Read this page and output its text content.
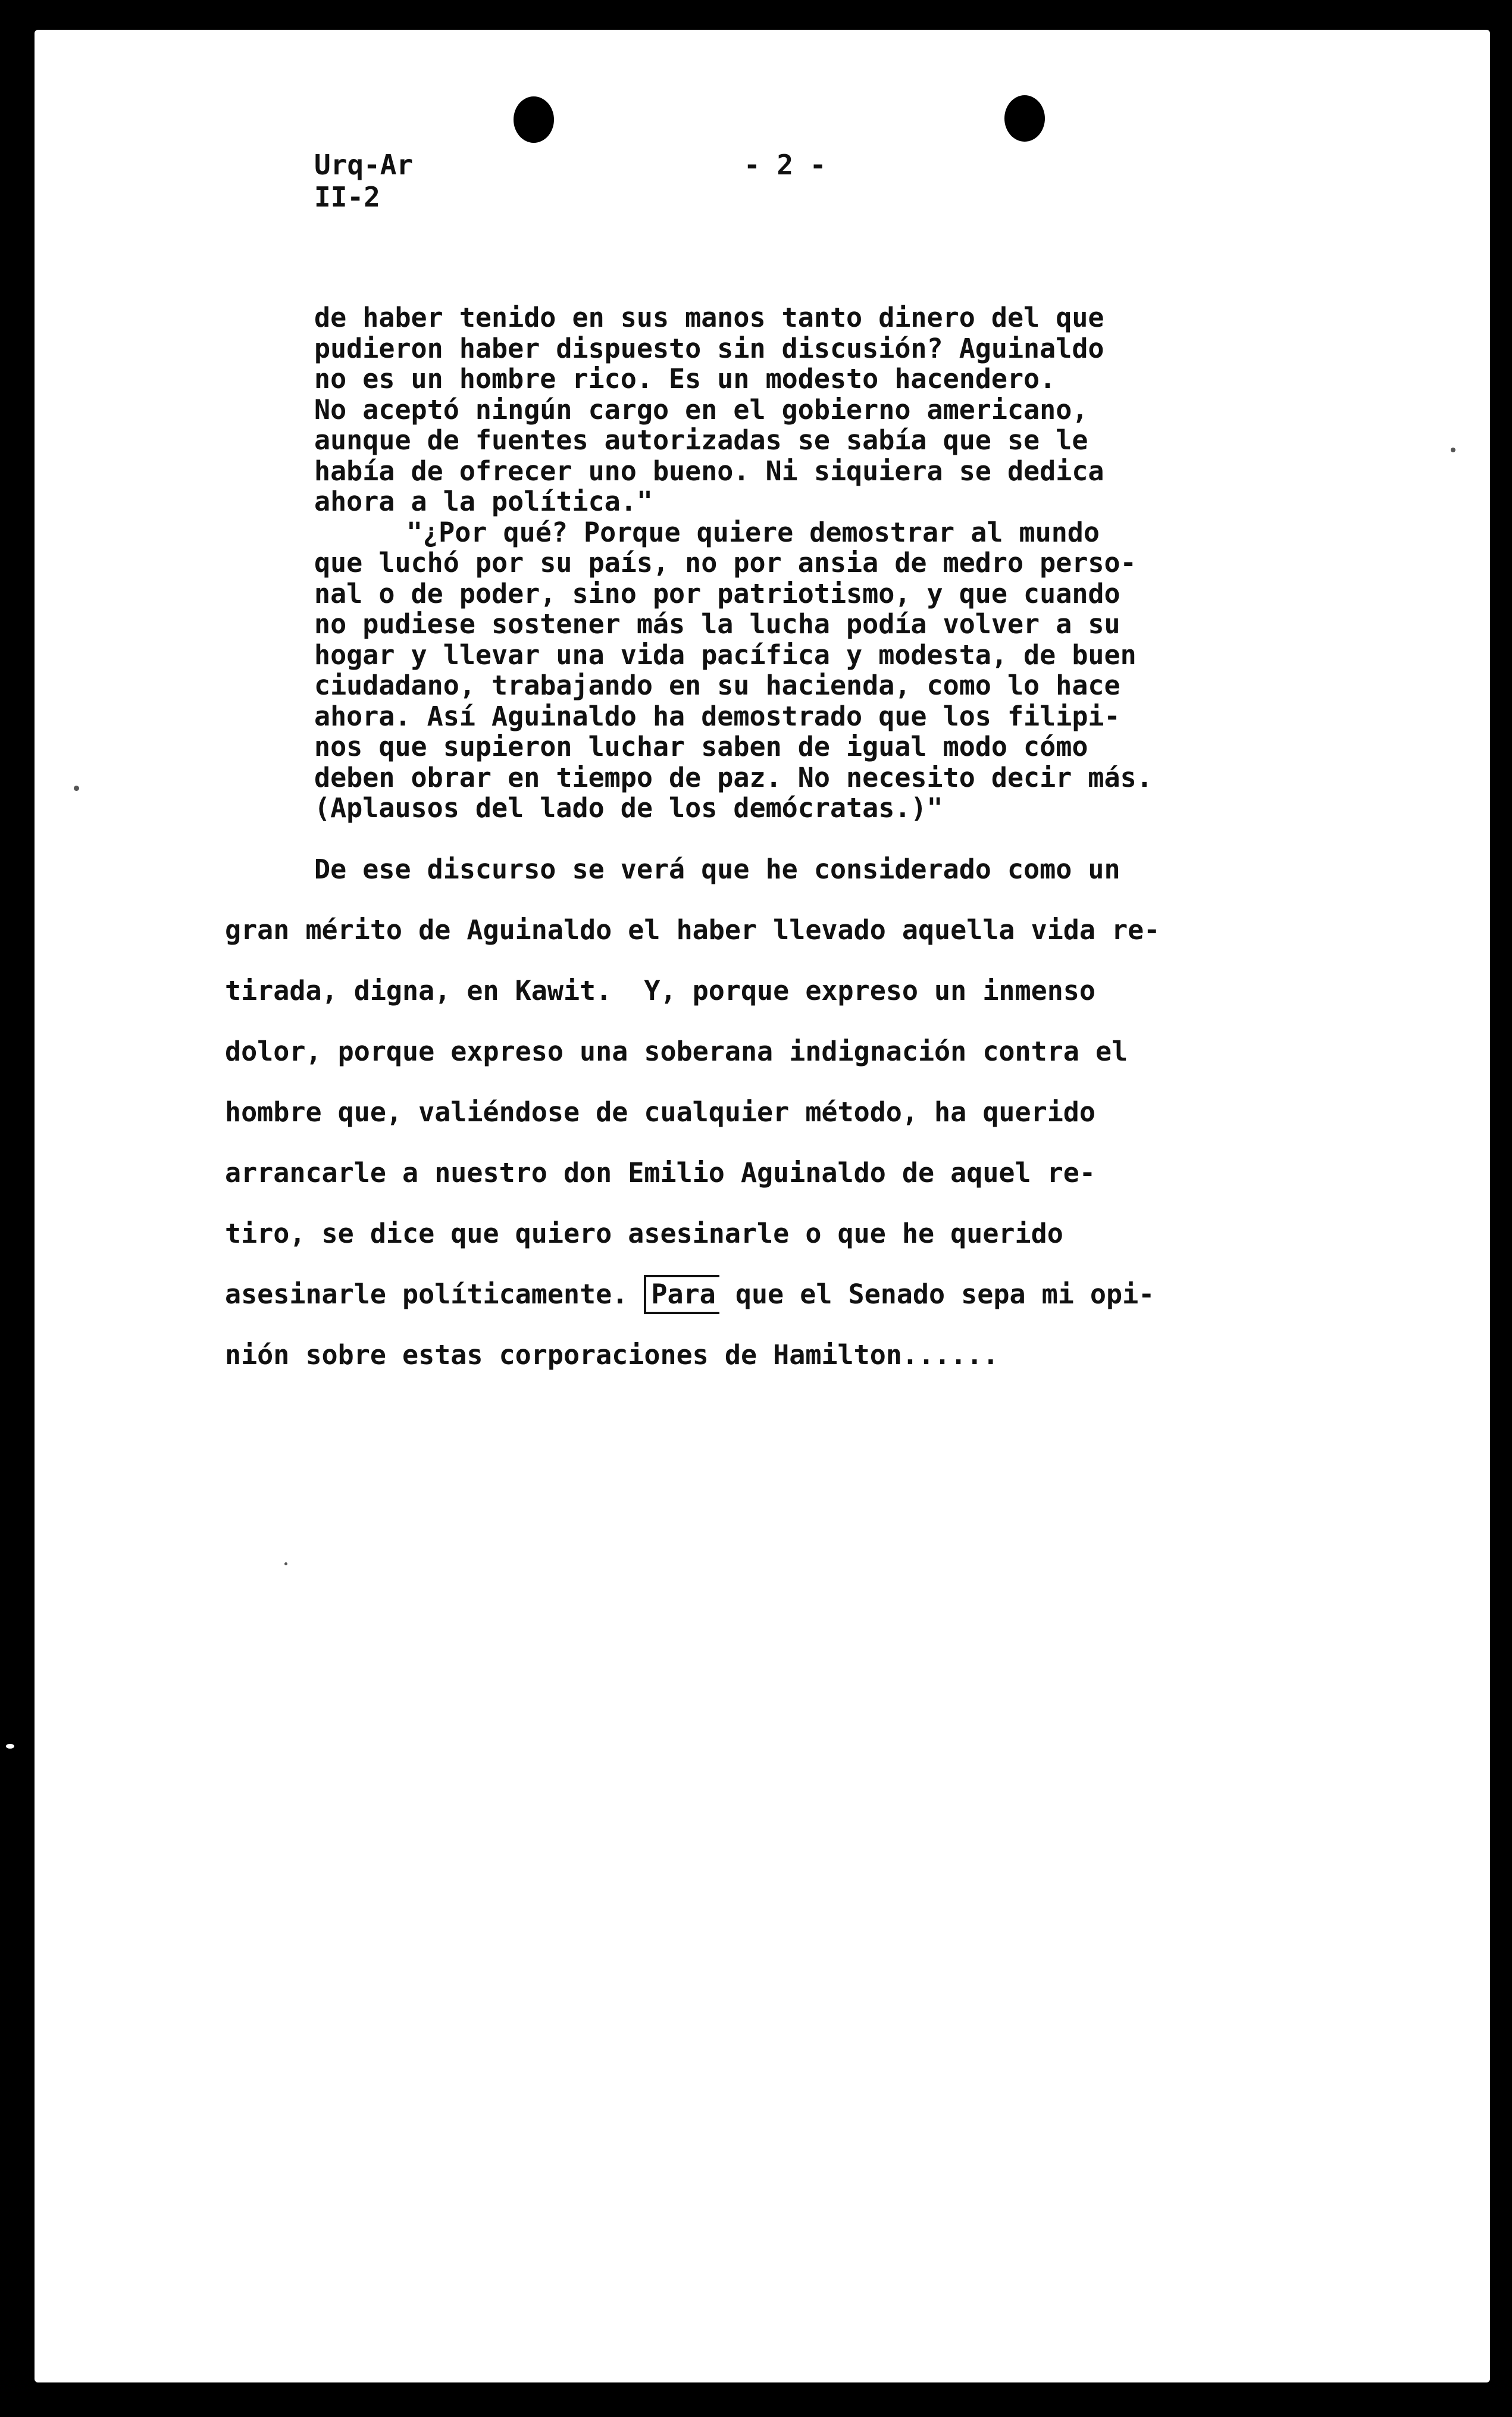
Urq-Ar
II-2
- 2 -
de haber tenido en sus manos tanto dinero del que
pudieron haber dispuesto sin discusión? Aguinaldo
no es un hombre rico. Es un modesto hacendero.
No aceptó ningún cargo en el gobierno americano,
aunque de fuentes autorizadas se sabía que se le
había de ofrecer uno bueno. Ni siquiera se dedica
ahora a la política."
"¿Por qué? Porque quiere demostrar al mundo
que luchó por su país, no por ansia de medro perso-
nal o de poder, sino por patriotismo, y que cuando
no pudiese sostener más la lucha podía volver a su
hogar y llevar una vida pacífica y modesta, de buen
ciudadano, trabajando en su hacienda, como lo hace
ahora. Así Aguinaldo ha demostrado que los filipi-
nos que supieron luchar saben de igual modo cómo
deben obrar en tiempo de paz. No necesito decir más.
(Aplausos del lado de los demócratas.)"
De ese discurso se verá que he considerado como un
gran mérito de Aguinaldo el haber llevado aquella vida re-
tirada, digna, en Kawit.  Y, porque expreso un inmenso
dolor, porque expreso una soberana indignación contra el
hombre que, valiéndose de cualquier método, ha querido
arrancarle a nuestro don Emilio Aguinaldo de aquel re-
tiro, se dice que quiero asesinarle o que he querido
asesinarle políticamente. Para que el Senado sepa mi opi-
nión sobre estas corporaciones de Hamilton......
